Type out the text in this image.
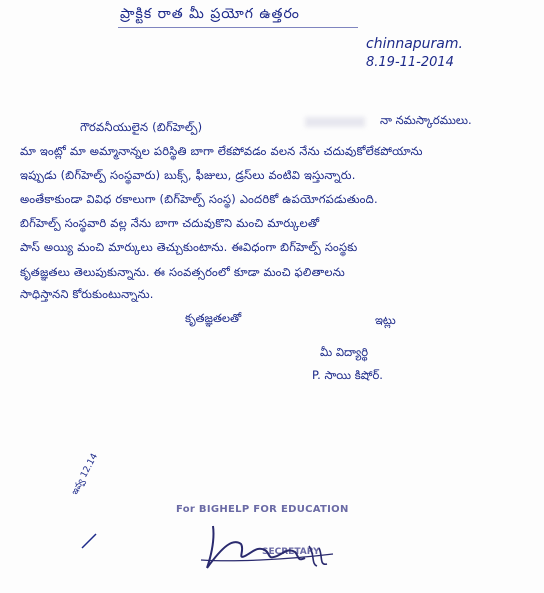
ప్రాక్టిక రాత మీ ప్రయోగ ఉత్తరం
chinnapuram.
8.19-11-2014
నా నమస్కారములు.
గౌరవనీయులైన (బిగ్‌హెల్ప్)
మా ఇంట్లో మా అమ్మానాన్నల పరిస్థితి బాగా లేకపోవడం వలన నేను చదువుకోలేకపోయాను
ఇప్పుడు (బిగ్‌హెల్ప్ సంస్థవారు) బుక్స్, ఫీజులు, డ్రస్‌లు వంటివి ఇస్తున్నారు.
అంతేకాకుండా వివిధ రకాలుగా (బిగ్‌హెల్ప్ సంస్థ) ఎందరికో ఉపయోగపడుతుంది.
బిగ్‌హెల్ప్ సంస్థవారి వల్ల నేను బాగా చదువుకొని మంచి మార్కులతో
పాస్ అయ్యి మంచి మార్కులు తెచ్చుకుంటాను. ఈవిధంగా బిగ్‌హెల్ప్ సంస్థకు
కృతజ్ఞతలు తెలుపుకున్నాను. ఈ సంవత్సరంలో కూడా మంచి ఫలితాలను
సాధిస్తానని కోరుకుంటున్నాను.
కృతజ్ఞతలతో	ఇట్లు
మీ విద్యార్థి
P. సాయి కిషోర్.
ఇవ్వ 12.14
For BIGHELP FOR EDUCATION
SECRETARY
